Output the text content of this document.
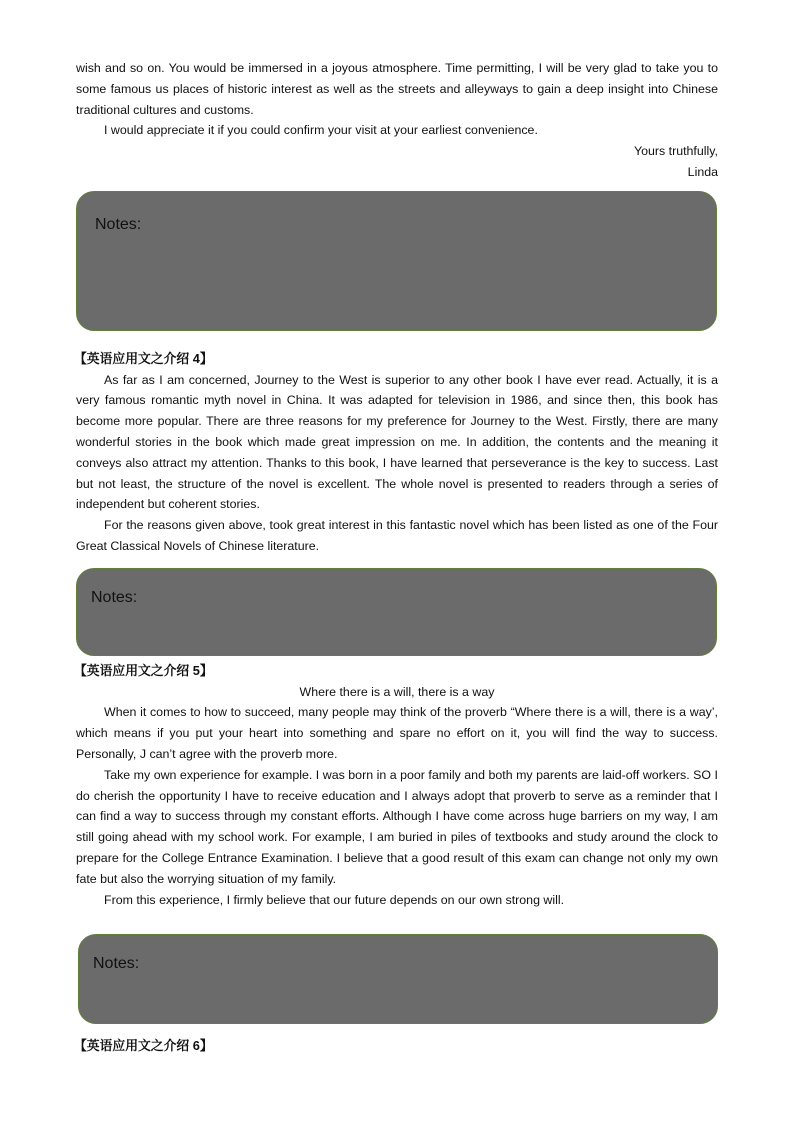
wish and so on. You would be immersed in a joyous atmosphere. Time permitting, I will be very glad to take you to some famous us places of historic interest as well as the streets and alleyways to gain a deep insight into Chinese traditional cultures and customs.

I would appreciate it if you could confirm your visit at your earliest convenience.

Yours truthfully,

Linda

Notes:

【英语应用文之介绍 4】

As far as I am concerned, Journey to the West is superior to any other book I have ever read. Actually, it is a very famous romantic myth novel in China. It was adapted for television in 1986, and since then, this book has become more popular. There are three reasons for my preference for Journey to the West. Firstly, there are many wonderful stories in the book which made great impression on me. In addition, the contents and the meaning it conveys also attract my attention. Thanks to this book, I have learned that perseverance is the key to success. Last but not least, the structure of the novel is excellent. The whole novel is presented to readers through a series of independent but coherent stories.

For the reasons given above, took great interest in this fantastic novel which has been listed as one of the Four Great Classical Novels of Chinese literature.

Notes:

【英语应用文之介绍 5】

Where there is a will, there is a way

When it comes to how to succeed, many people may think of the proverb “Where there is a will, there is a way’, which means if you put your heart into something and spare no effort on it, you will find the way to success. Personally, J can’t agree with the proverb more.

Take my own experience for example. I was born in a poor family and both my parents are laid-off workers. SO I do cherish the opportunity I have to receive education and I always adopt that proverb to serve as a reminder that I can find a way to success through my constant efforts. Although I have come across huge barriers on my way, I am still going ahead with my school work. For example, I am buried in piles of textbooks and study around the clock to prepare for the College Entrance Examination. I believe that a good result of this exam can change not only my own fate but also the worrying situation of my family.

From this experience, I firmly believe that our future depends on our own strong will.

Notes:

【英语应用文之介绍 6】
